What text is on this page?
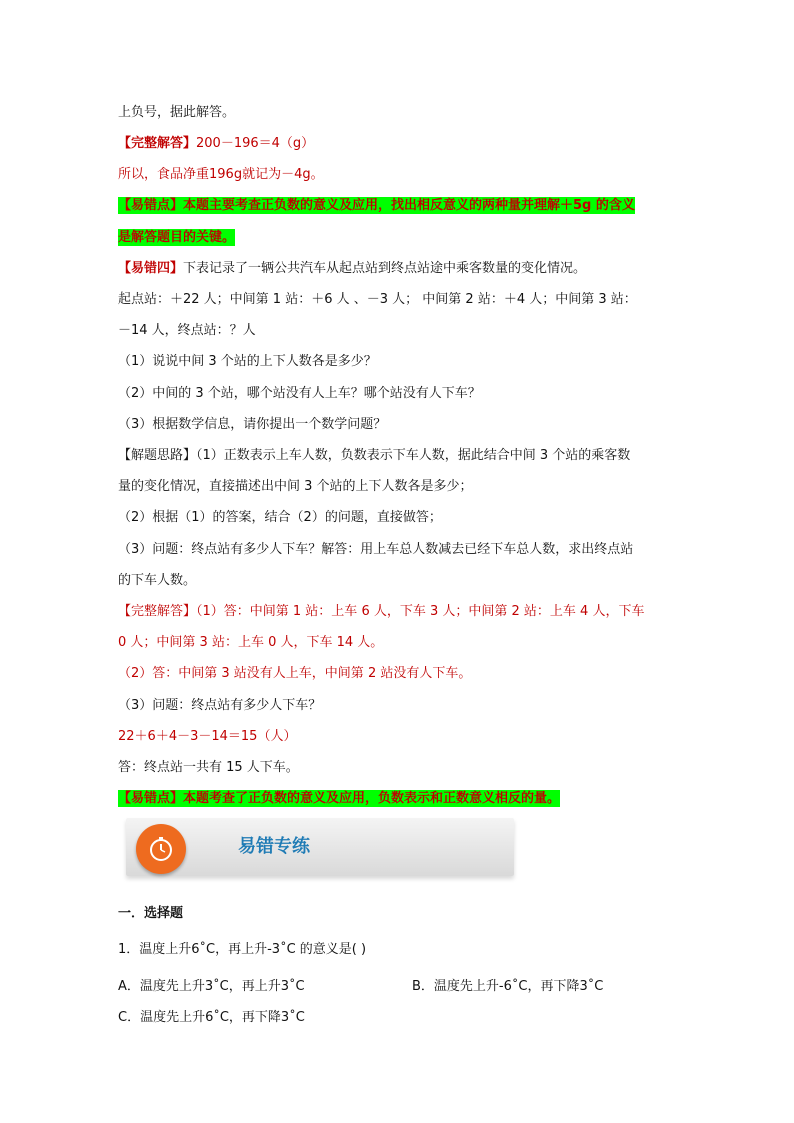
上负号，据此解答。
【完整解答】200－196＝4（g）
所以，食品净重196g就记为－4g。
【易错点】本题主要考查正负数的意义及应用，找出相反意义的两种量并理解＋5g 的含义
是解答题目的关键。
【易错四】下表记录了一辆公共汽车从起点站到终点站途中乘客数量的变化情况。
起点站：＋22 人；中间第 1 站：＋6 人 、－3 人； 中间第 2 站：＋4 人；中间第 3 站：
－14 人，终点站：？人
（1）说说中间 3 个站的上下人数各是多少？
（2）中间的 3 个站，哪个站没有人上车？哪个站没有人下车？
（3）根据数学信息，请你提出一个数学问题？
【解题思路】（1）正数表示上车人数，负数表示下车人数，据此结合中间 3 个站的乘客数
量的变化情况，直接描述出中间 3 个站的上下人数各是多少；
（2）根据（1）的答案，结合（2）的问题，直接做答；
（3）问题：终点站有多少人下车？解答：用上车总人数减去已经下车总人数，求出终点站
的下车人数。
【完整解答】（1）答：中间第 1 站：上车 6 人，下车 3 人；中间第 2 站：上车 4 人，下车
0 人；中间第 3 站：上车 0 人，下车 14 人。
（2）答：中间第 3 站没有人上车，中间第 2 站没有人下车。
（3）问题：终点站有多少人下车？
22＋6＋4－3－14＝15（人）
答：终点站一共有 15 人下车。
【易错点】本题考查了正负数的意义及应用，负数表示和正数意义相反的量。
易错专练
一．选择题
1．温度上升6˚C，再上升-3˚C 的意义是( )
A．温度先上升3˚C，再上升3˚C	B．温度先上升-6˚C，再下降3˚C
C．温度先上升6˚C，再下降3˚C
